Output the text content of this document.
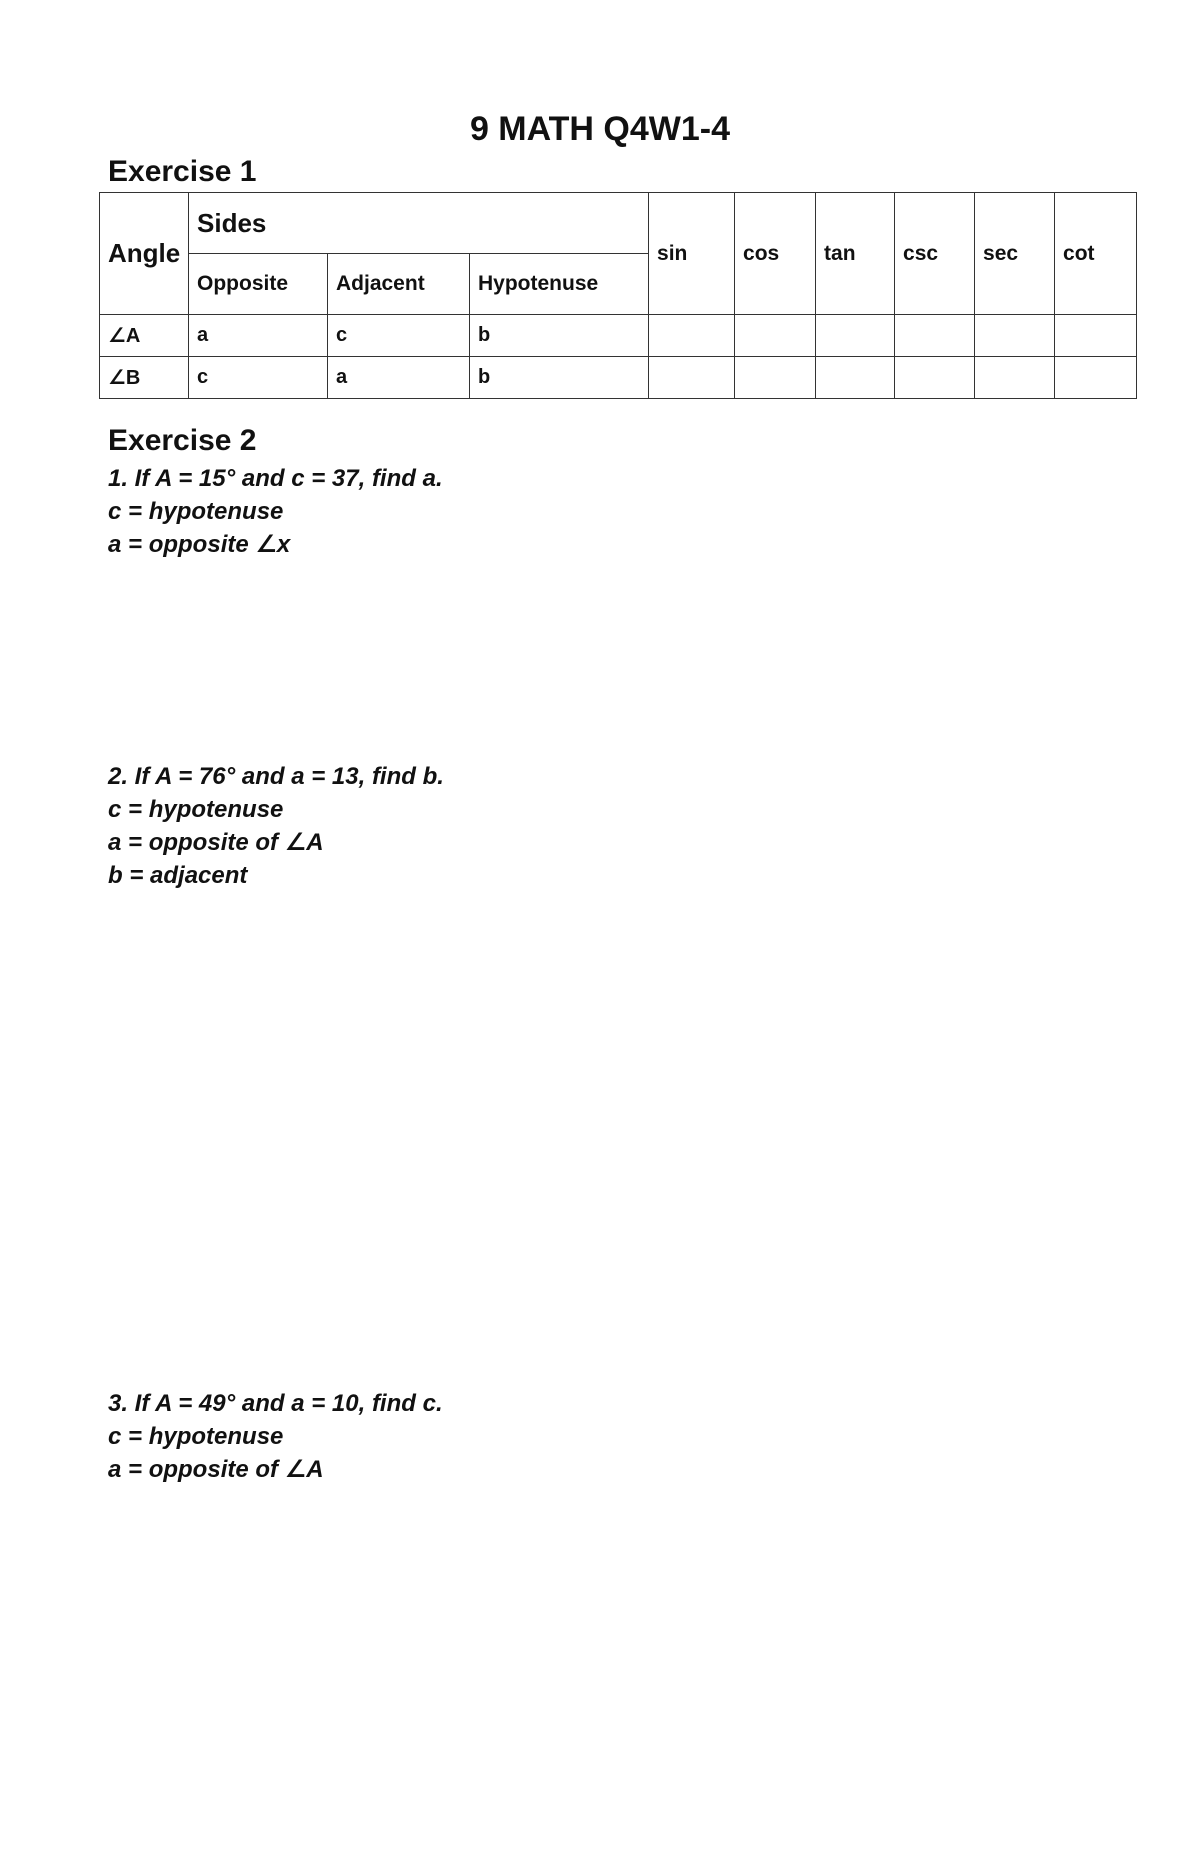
9 MATH Q4W1-4
Exercise 1
Angle	Sides			sin	cos	tan	csc	sec	cot
	Opposite	Adjacent	Hypotenuse						
∠A	a	c	b						
∠B	c	a	b						
Exercise 2
1. If A = 15° and c = 37, find a.
c = hypotenuse
a = opposite ∠x
2. If A = 76° and a = 13, find b.
c = hypotenuse
a = opposite of ∠A
b = adjacent
3. If A = 49° and a = 10, find c.
c = hypotenuse
a = opposite of ∠A
